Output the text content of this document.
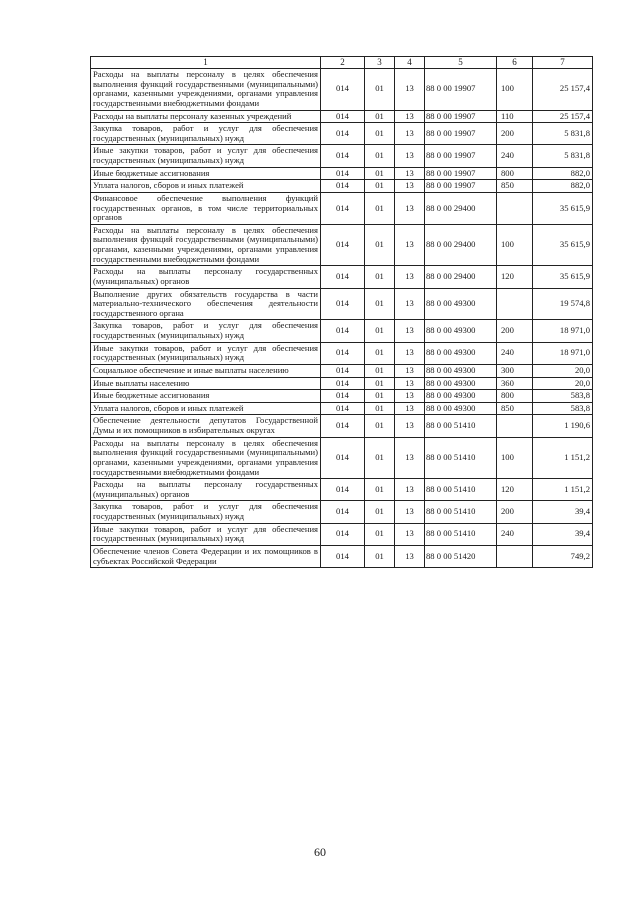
1	2	3	4	5	6	7
Расходы на выплаты персоналу в целях обеспечения выполнения функций государственными (муниципальными) органами, казенными учреждениями, органами управления государственными внебюджетными фондами	014	01	13	88 0 00 19907	100	25 157,4
Расходы на выплаты персоналу казенных учреждений	014	01	13	88 0 00 19907	110	25 157,4
Закупка товаров, работ и услуг для обеспечения государственных (муниципальных) нужд	014	01	13	88 0 00 19907	200	5 831,8
Иные закупки товаров, работ и услуг для обеспечения государственных (муниципальных) нужд	014	01	13	88 0 00 19907	240	5 831,8
Иные бюджетные ассигнования	014	01	13	88 0 00 19907	800	882,0
Уплата налогов, сборов и иных платежей	014	01	13	88 0 00 19907	850	882,0
Финансовое обеспечение выполнения функций государственных органов, в том числе территориальных органов	014	01	13	88 0 00 29400		35 615,9
Расходы на выплаты персоналу в целях обеспечения выполнения функций государственными (муниципальными) органами, казенными учреждениями, органами управления государственными внебюджетными фондами	014	01	13	88 0 00 29400	100	35 615,9
Расходы на выплаты персоналу государственных (муниципальных) органов	014	01	13	88 0 00 29400	120	35 615,9
Выполнение других обязательств государства в части материально-технического обеспечения деятельности государственного органа	014	01	13	88 0 00 49300		19 574,8
Закупка товаров, работ и услуг для обеспечения государственных (муниципальных) нужд	014	01	13	88 0 00 49300	200	18 971,0
Иные закупки товаров, работ и услуг для обеспечения государственных (муниципальных) нужд	014	01	13	88 0 00 49300	240	18 971,0
Социальное обеспечение и иные выплаты населению	014	01	13	88 0 00 49300	300	20,0
Иные выплаты населению	014	01	13	88 0 00 49300	360	20,0
Иные бюджетные ассигнования	014	01	13	88 0 00 49300	800	583,8
Уплата налогов, сборов и иных платежей	014	01	13	88 0 00 49300	850	583,8
Обеспечение деятельности депутатов Государственной Думы и их помощников в избирательных округах	014	01	13	88 0 00 51410		1 190,6
Расходы на выплаты персоналу в целях обеспечения выполнения функций государственными (муниципальными) органами, казенными учреждениями, органами управления государственными внебюджетными фондами	014	01	13	88 0 00 51410	100	1 151,2
Расходы на выплаты персоналу государственных (муниципальных) органов	014	01	13	88 0 00 51410	120	1 151,2
Закупка товаров, работ и услуг для обеспечения государственных (муниципальных) нужд	014	01	13	88 0 00 51410	200	39,4
Иные закупки товаров, работ и услуг для обеспечения государственных (муниципальных) нужд	014	01	13	88 0 00 51410	240	39,4
Обеспечение членов Совета Федерации и их помощников в субъектах Российской Федерации	014	01	13	88 0 00 51420		749,2
60
